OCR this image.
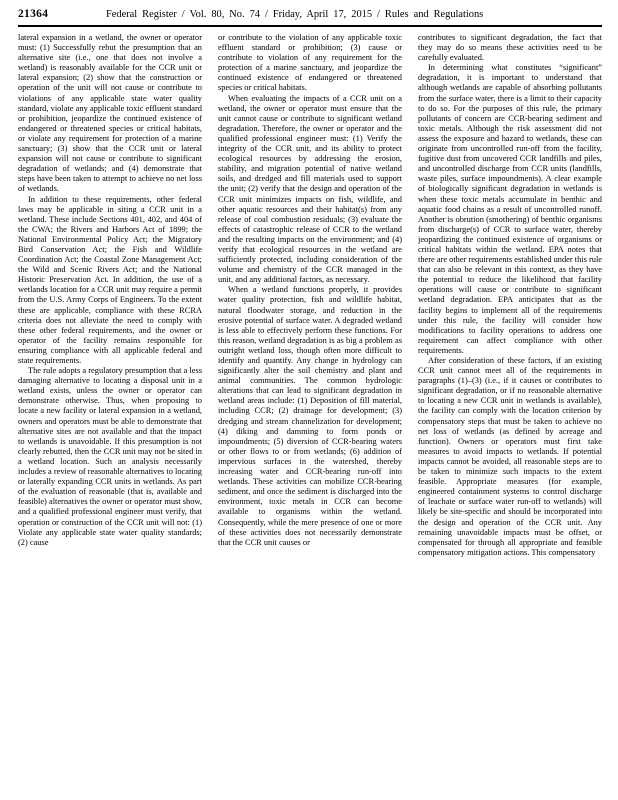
21364	Federal Register / Vol. 80, No. 74 / Friday, April 17, 2015 / Rules and Regulations

lateral expansion in a wetland, the owner or operator must: (1) Successfully rebut the presumption that an alternative site (i.e., one that does not involve a wetland) is reasonably available for the CCR unit or lateral expansion; (2) show that the construction or operation of the unit will not cause or contribute to violations of any applicable state water quality standard, violate any applicable toxic effluent standard or prohibition, jeopardize the continued existence of endangered or threatened species or critical habitats, or violate any requirement for protection of a marine sanctuary; (3) show that the CCR unit or lateral expansion will not cause or contribute to significant degradation of wetlands; and (4) demonstrate that steps have been taken to attempt to achieve no net loss of wetlands.

In addition to these requirements, other federal laws may be applicable in siting a CCR unit in a wetland. These include Sections 401, 402, and 404 of the CWA; the Rivers and Harbors Act of 1899; the National Environmental Policy Act; the Migratory Bird Conservation Act; the Fish and Wildlife Coordination Act; the Coastal Zone Management Act; the Wild and Scenic Rivers Act; and the National Historic Preservation Act. In addition, the use of a wetlands location for a CCR unit may require a permit from the U.S. Army Corps of Engineers. To the extent these are applicable, compliance with these RCRA criteria does not alleviate the need to comply with these other federal requirements, and the owner or operator of the facility remains responsible for ensuring compliance with all applicable federal and state requirements.

The rule adopts a regulatory presumption that a less damaging alternative to locating a disposal unit in a wetland exists, unless the owner or operator can demonstrate otherwise. Thus, when proposing to locate a new facility or lateral expansion in a wetland, owners and operators must be able to demonstrate that alternative sites are not available and that the impact to wetlands is unavoidable. If this presumption is not clearly rebutted, then the CCR unit may not be sited in a wetland location. Such an analysis necessarily includes a review of reasonable alternatives to locating or laterally expanding CCR units in wetlands. As part of the evaluation of reasonable (that is, available and feasible) alternatives the owner or operator must show, and a qualified professional engineer must verify, that operation or construction of the CCR unit will not: (1) Violate any applicable state water quality standards; (2) cause

or contribute to the violation of any applicable toxic effluent standard or prohibition; (3) cause or contribute to violation of any requirement for the protection of a marine sanctuary, and jeopardize the continued existence of endangered or threatened species or critical habitats.

When evaluating the impacts of a CCR unit on a wetland, the owner or operator must ensure that the unit cannot cause or contribute to significant wetland degradation. Therefore, the owner or operator and the qualified professional engineer must: (1) Verify the integrity of the CCR unit, and its ability to protect ecological resources by addressing the erosion, stability, and migration potential of native wetland soils, and dredged and fill materials used to support the unit; (2) verify that the design and operation of the CCR unit minimizes impacts on fish, wildlife, and other aquatic resources and their habitat(s) from any release of coal combustion residuals; (3) evaluate the effects of catastrophic release of CCR to the wetland and the resulting impacts on the environment; and (4) verify that ecological resources in the wetland are sufficiently protected, including consideration of the volume and chemistry of the CCR managed in the unit, and any additional factors, as necessary.

When a wetland functions properly, it provides water quality protection, fish and wildlife habitat, natural floodwater storage, and reduction in the erosive potential of surface water. A degraded wetland is less able to effectively perform these functions. For this reason, wetland degradation is as big a problem as outright wetland loss, though often more difficult to identify and quantify. Any change in hydrology can significantly alter the soil chemistry and plant and animal communities. The common hydrologic alterations that can lead to significant degradation in wetland areas include: (1) Deposition of fill material, including CCR; (2) drainage for development; (3) dredging and stream channelization for development; (4) diking and damming to form ponds or impoundments; (5) diversion of CCR-bearing waters or other flows to or from wetlands; (6) addition of impervious surfaces in the watershed, thereby increasing water and CCR-bearing run-off into wetlands. These activities can mobilize CCR-bearing sediment, and once the sediment is discharged into the environment, toxic metals in CCR can become available to organisms within the wetland. Consequently, while the mere presence of one or more of these activities does not necessarily demonstrate that the CCR unit causes or

contributes to significant degradation, the fact that they may do so means these activities need to be carefully evaluated.

In determining what constitutes “significant” degradation, it is important to understand that although wetlands are capable of absorbing pollutants from the surface water, there is a limit to their capacity to do so. For the purposes of this rule, the primary pollutants of concern are CCR-bearing sediment and toxic metals. Although the risk assessment did not assess the exposure and hazard to wetlands, these can originate from uncontrolled run-off from the facility, fugitive dust from uncovered CCR landfills and piles, and uncontrolled discharge from CCR units (landfills, waste piles, surface impoundments). A clear example of biologically significant degradation in wetlands is when these toxic metals accumulate in benthic and aquatic food chains as a result of uncontrolled runoff. Another is obrution (smothering) of benthic organisms from discharge(s) of CCR to surface water, thereby jeopardizing the continued existence of organisms or critical habitats within the wetland. EPA notes that there are other requirements established under this rule that can also be relevant in this context, as they have the potential to reduce the likelihood that facility operations will cause or contribute to significant wetland degradation. EPA anticipates that as the facility begins to implement all of the requirements under this rule, the facility will consider how modifications to facility operations to address one requirement can affect compliance with other requirements.

After consideration of these factors, if an existing CCR unit cannot meet all of the requirements in paragraphs (1)–(3) (i.e., if it causes or contributes to significant degradation, or if no reasonable alternative to locating a new CCR unit in wetlands is available), the facility can comply with the location criterion by compensatory steps that must be taken to achieve no net loss of wetlands (as defined by acreage and function). Owners or operators must first take measures to avoid impacts to wetlands. If potential impacts cannot be avoided, all reasonable steps are to be taken to minimize such impacts to the extent feasible. Appropriate measures (for example, engineered containment systems to control discharge of leachate or surface water run-off to wetlands) will likely be site-specific and should be incorporated into the design and operation of the CCR unit. Any remaining unavoidable impacts must be offset, or compensated for through all appropriate and feasible compensatory mitigation actions. This compensatory
